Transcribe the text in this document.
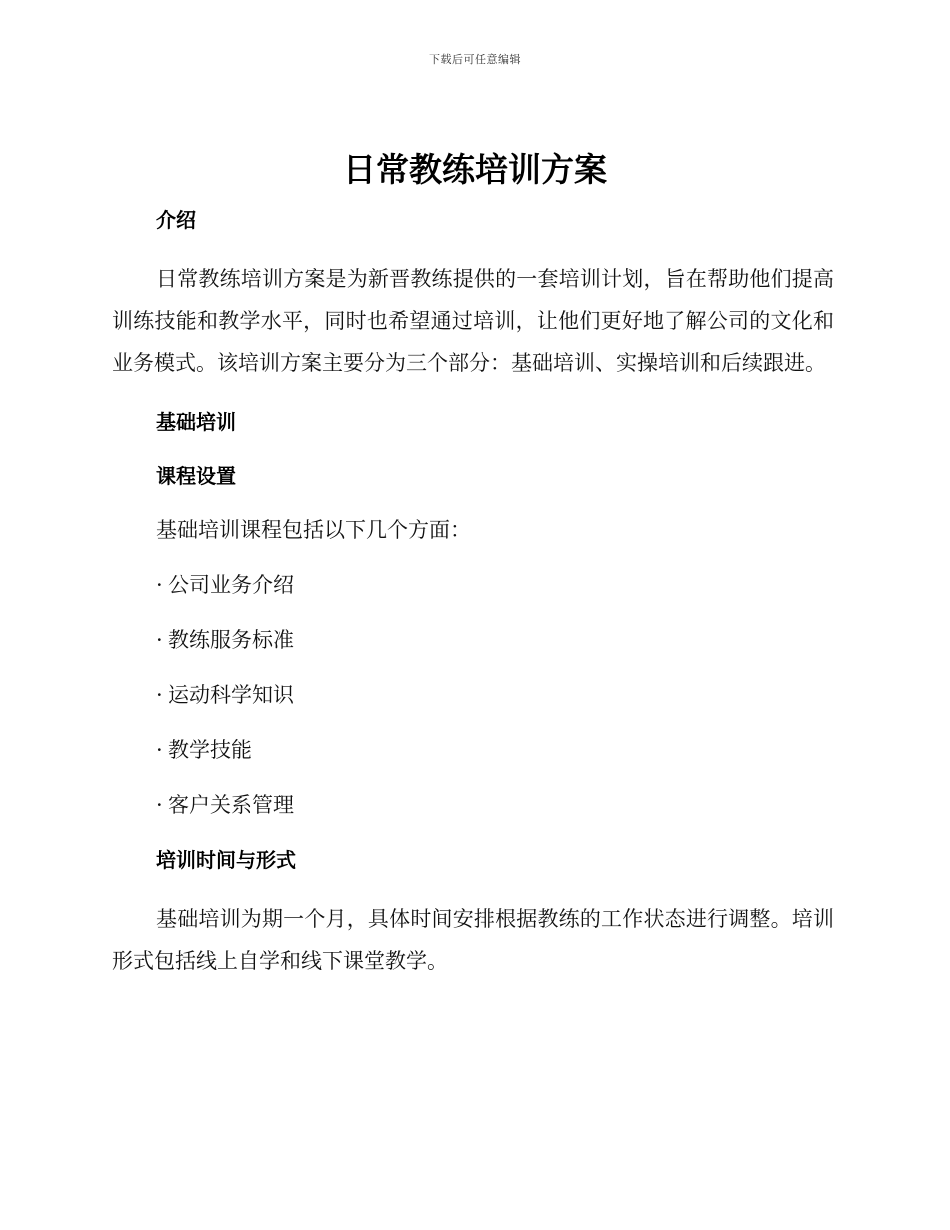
下载后可任意编辑
日常教练培训方案
介绍

日常教练培训方案是为新晋教练提供的一套培训计划，旨在帮助他们提高训练技能和教学水平，同时也希望通过培训，让他们更好地了解公司的文化和业务模式。该培训方案主要分为三个部分：基础培训、实操培训和后续跟进。

基础培训
课程设置
基础培训课程包括以下几个方面：
· 公司业务介绍
· 教练服务标准
· 运动科学知识
· 教学技能
· 客户关系管理
培训时间与形式

基础培训为期一个月，具体时间安排根据教练的工作状态进行调整。培训形式包括线上自学和线下课堂教学。
